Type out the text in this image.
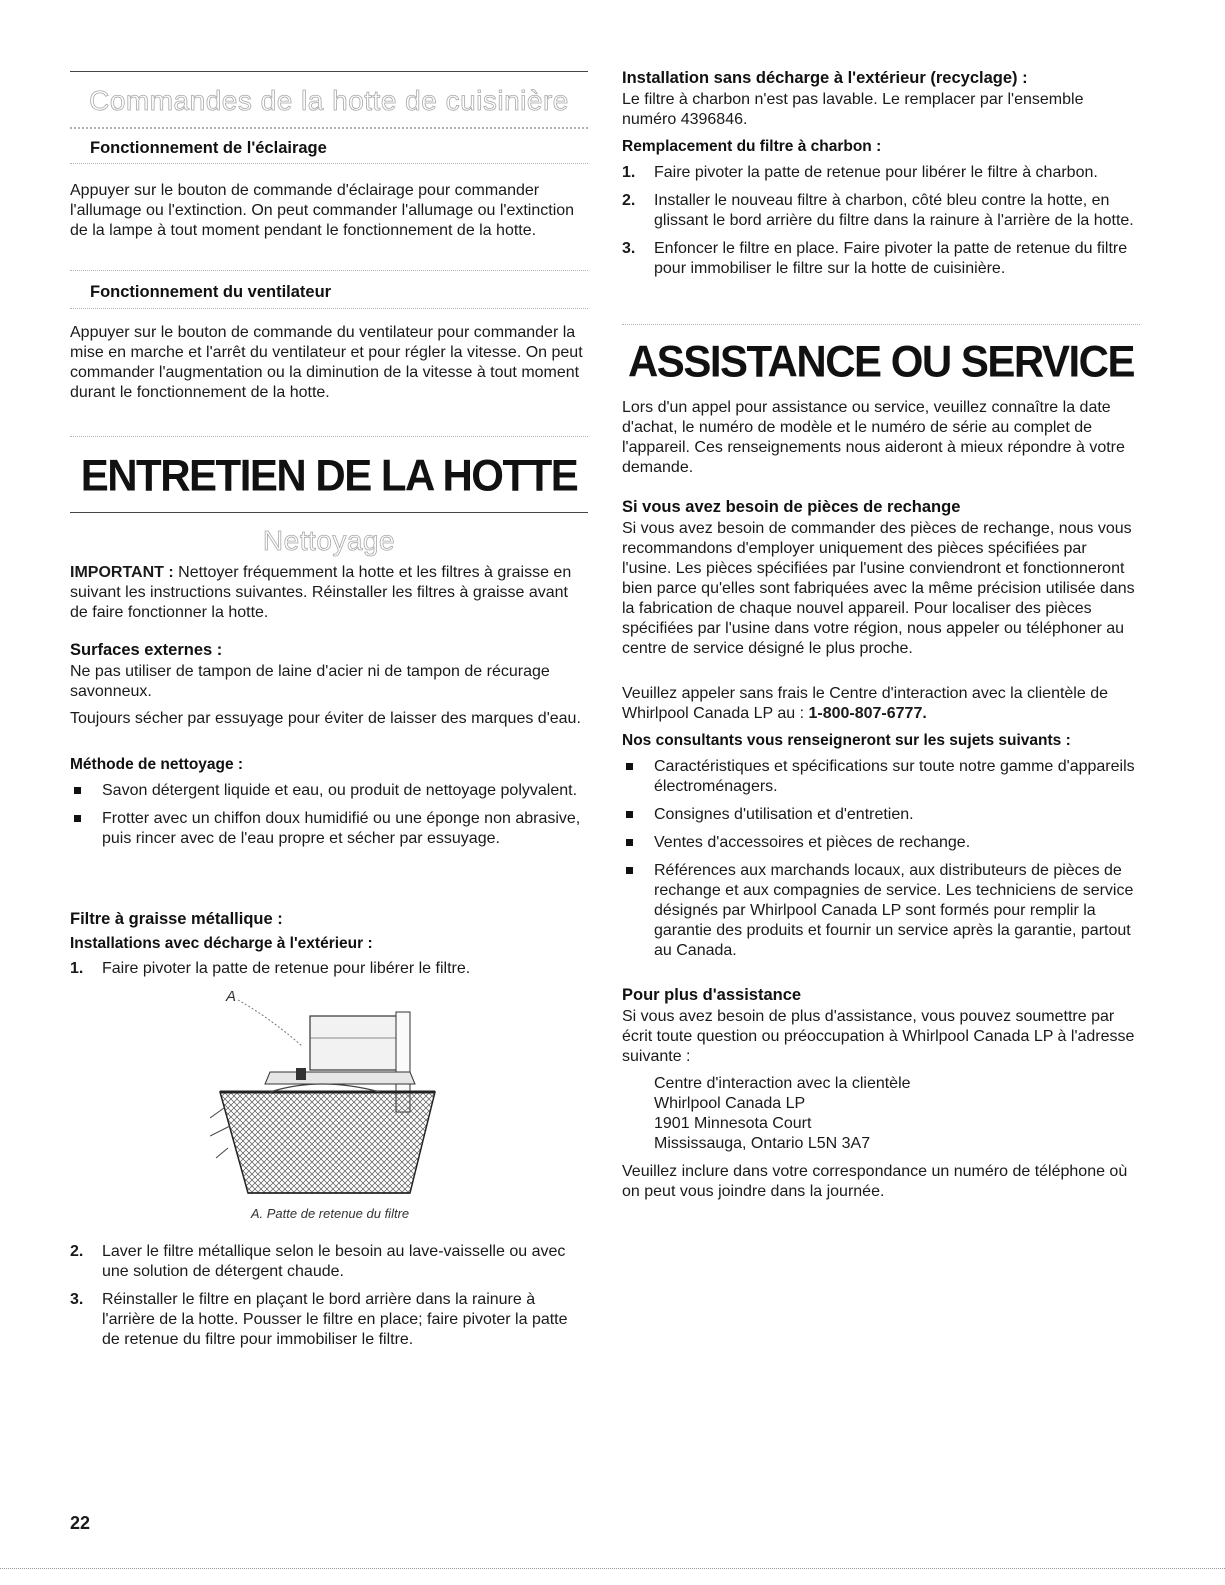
Commandes de la hotte de cuisinière
Fonctionnement de l'éclairage

Appuyer sur le bouton de commande d'éclairage pour commander l'allumage ou l'extinction. On peut commander l'allumage ou l'extinction de la lampe à tout moment pendant le fonctionnement de la hotte.

Fonctionnement du ventilateur

Appuyer sur le bouton de commande du ventilateur pour commander la mise en marche et l'arrêt du ventilateur et pour régler la vitesse. On peut commander l'augmentation ou la diminution de la vitesse à tout moment durant le fonctionnement de la hotte.

ENTRETIEN DE LA HOTTE
Nettoyage

IMPORTANT : Nettoyer fréquemment la hotte et les filtres à graisse en suivant les instructions suivantes. Réinstaller les filtres à graisse avant de faire fonctionner la hotte.

Surfaces externes :

Ne pas utiliser de tampon de laine d'acier ni de tampon de récurage savonneux.

Toujours sécher par essuyage pour éviter de laisser des marques d'eau.

Méthode de nettoyage :
Savon détergent liquide et eau, ou produit de nettoyage polyvalent.
Frotter avec un chiffon doux humidifié ou une éponge non abrasive, puis rincer avec de l'eau propre et sécher par essuyage.
Filtre à graisse métallique :
Installations avec décharge à l'extérieur :
1. Faire pivoter la patte de retenue pour libérer le filtre.
A
A. Patte de retenue du filtre
2. Laver le filtre métallique selon le besoin au lave-vaisselle ou avec une solution de détergent chaude.
3. Réinstaller le filtre en plaçant le bord arrière dans la rainure à l'arrière de la hotte. Pousser le filtre en place; faire pivoter la patte de retenue du filtre pour immobiliser le filtre.
Installation sans décharge à l'extérieur (recyclage) :

Le filtre à charbon n'est pas lavable. Le remplacer par l'ensemble numéro 4396846.

Remplacement du filtre à charbon :
1. Faire pivoter la patte de retenue pour libérer le filtre à charbon.
2. Installer le nouveau filtre à charbon, côté bleu contre la hotte, en glissant le bord arrière du filtre dans la rainure à l'arrière de la hotte.
3. Enfoncer le filtre en place. Faire pivoter la patte de retenue du filtre pour immobiliser le filtre sur la hotte de cuisinière.
ASSISTANCE OU SERVICE

Lors d'un appel pour assistance ou service, veuillez connaître la date d'achat, le numéro de modèle et le numéro de série au complet de l'appareil. Ces renseignements nous aideront à mieux répondre à votre demande.

Si vous avez besoin de pièces de rechange

Si vous avez besoin de commander des pièces de rechange, nous vous recommandons d'employer uniquement des pièces spécifiées par l'usine. Les pièces spécifiées par l'usine conviendront et fonctionneront bien parce qu'elles sont fabriquées avec la même précision utilisée dans la fabrication de chaque nouvel appareil. Pour localiser des pièces spécifiées par l'usine dans votre région, nous appeler ou téléphoner au centre de service désigné le plus proche.

Veuillez appeler sans frais le Centre d'interaction avec la clientèle de Whirlpool Canada LP au : 1-800-807-6777.

Nos consultants vous renseigneront sur les sujets suivants :
Caractéristiques et spécifications sur toute notre gamme d'appareils électroménagers.
Consignes d'utilisation et d'entretien.
Ventes d'accessoires et pièces de rechange.
Références aux marchands locaux, aux distributeurs de pièces de rechange et aux compagnies de service. Les techniciens de service désignés par Whirlpool Canada LP sont formés pour remplir la garantie des produits et fournir un service après la garantie, partout au Canada.
Pour plus d'assistance

Si vous avez besoin de plus d'assistance, vous pouvez soumettre par écrit toute question ou préoccupation à Whirlpool Canada LP à l'adresse suivante :

Centre d'interaction avec la clientèle
Whirlpool Canada LP
1901 Minnesota Court
Mississauga, Ontario L5N 3A7

Veuillez inclure dans votre correspondance un numéro de téléphone où on peut vous joindre dans la journée.

22
